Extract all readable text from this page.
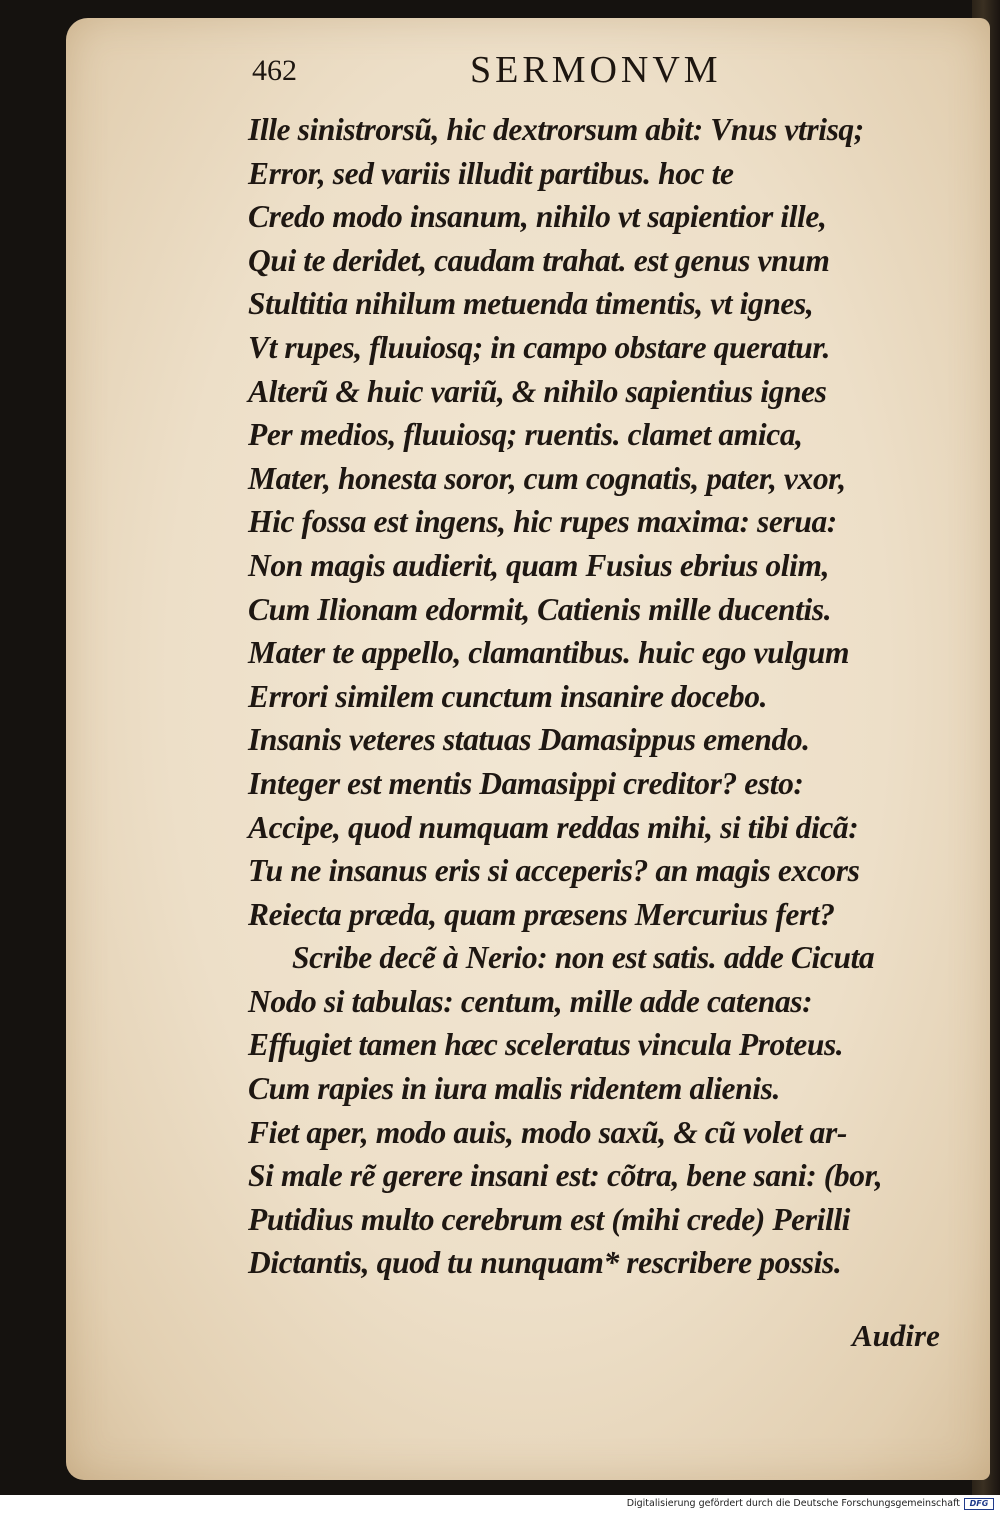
462	SERMONVM
Ille sinistrorsũ, hic dextrorsum abit: Vnus vtrisq;
Error, sed variis illudit partibus. hoc te
Credo modo insanum, nihilo vt sapientior ille,
Qui te deridet, caudam trahat. est genus vnum
Stultitia nihilum metuenda timentis, vt ignes,
Vt rupes, fluuiosq; in campo obstare queratur.
Alterũ & huic variũ, & nihilo sapientius ignes
Per medios, fluuiosq; ruentis. clamet amica,
Mater, honesta soror, cum cognatis, pater, vxor,
Hic fossa est ingens, hic rupes maxima: serua:
Non magis audierit, quam Fusius ebrius olim,
Cum Ilionam edormit, Catienis mille ducentis.
Mater te appello, clamantibus. huic ego vulgum
Errori similem cunctum insanire docebo.
Insanis veteres statuas Damasippus emendo.
Integer est mentis Damasippi creditor? esto:
Accipe, quod numquam reddas mihi, si tibi dicã:
Tu ne insanus eris si acceperis? an magis excors
Reiecta præda, quam præsens Mercurius fert?
Scribe decẽ à Nerio: non est satis. adde Cicuta
Nodo si tabulas: centum, mille adde catenas:
Effugiet tamen hæc sceleratus vincula Proteus.
Cum rapies in iura malis ridentem alienis.
Fiet aper, modo auis, modo saxũ, & cũ volet ar-
Si male rẽ gerere insani est: cõtra, bene sani: (bor,
Putidius multo cerebrum est (mihi crede) Perilli
Dictantis, quod tu nunquam* rescribere possis.
Audire
Digitalisierung gefördert durch die Deutsche Forschungsgemeinschaft	DFG
